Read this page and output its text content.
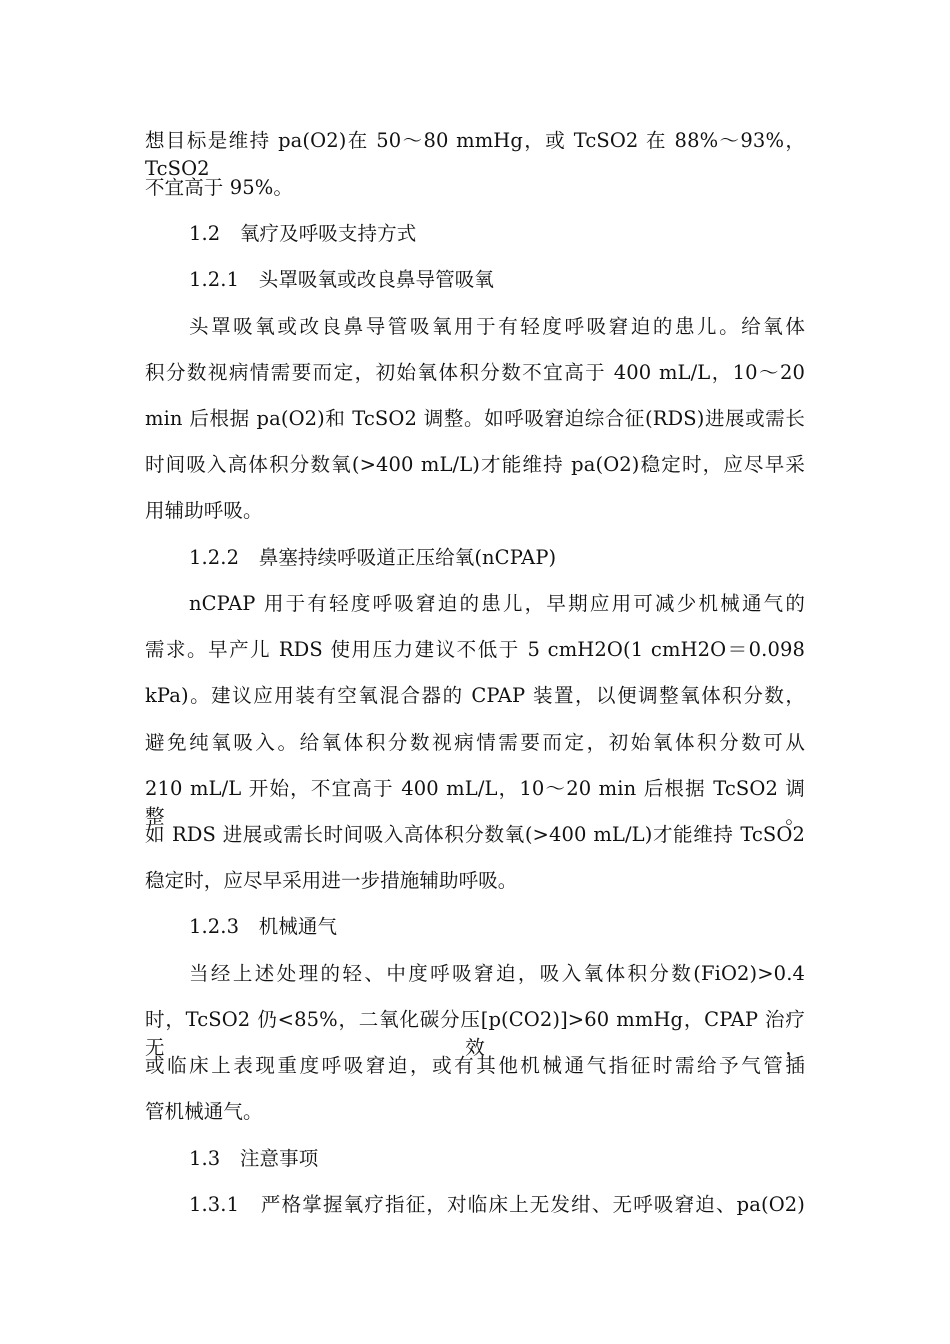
想目标是维持 pa(O2)在 50～80 mmHg，或 TcSO2 在 88%～93%，TcSO2
不宜高于 95%。
1.2　氧疗及呼吸支持方式
1.2.1　头罩吸氧或改良鼻导管吸氧
头罩吸氧或改良鼻导管吸氧用于有轻度呼吸窘迫的患儿。给氧体
积分数视病情需要而定，初始氧体积分数不宜高于 400 mL/L，10～20
min 后根据 pa(O2)和 TcSO2 调整。如呼吸窘迫综合征(RDS)进展或需长
时间吸入高体积分数氧(>400 mL/L)才能维持 pa(O2)稳定时，应尽早采
用辅助呼吸。
1.2.2　鼻塞持续呼吸道正压给氧(nCPAP)
nCPAP 用于有轻度呼吸窘迫的患儿，早期应用可减少机械通气的
需求。早产儿 RDS 使用压力建议不低于 5 cmH2O(1 cmH2O＝0.098
kPa)。建议应用装有空氧混合器的 CPAP 装置，以便调整氧体积分数，
避免纯氧吸入。给氧体积分数视病情需要而定，初始氧体积分数可从
210 mL/L 开始，不宜高于 400 mL/L，10～20 min 后根据 TcSO2 调整。
如 RDS 进展或需长时间吸入高体积分数氧(>400 mL/L)才能维持 TcSO2
稳定时，应尽早采用进一步措施辅助呼吸。
1.2.3　机械通气
当经上述处理的轻、中度呼吸窘迫，吸入氧体积分数(FiO2)>0.4
时，TcSO2 仍<85%，二氧化碳分压[p(CO2)]>60 mmHg，CPAP 治疗无效，
或临床上表现重度呼吸窘迫，或有其他机械通气指征时需给予气管插
管机械通气。
1.3　注意事项
1.3.1　严格掌握氧疗指征，对临床上无发绀、无呼吸窘迫、pa(O2)
